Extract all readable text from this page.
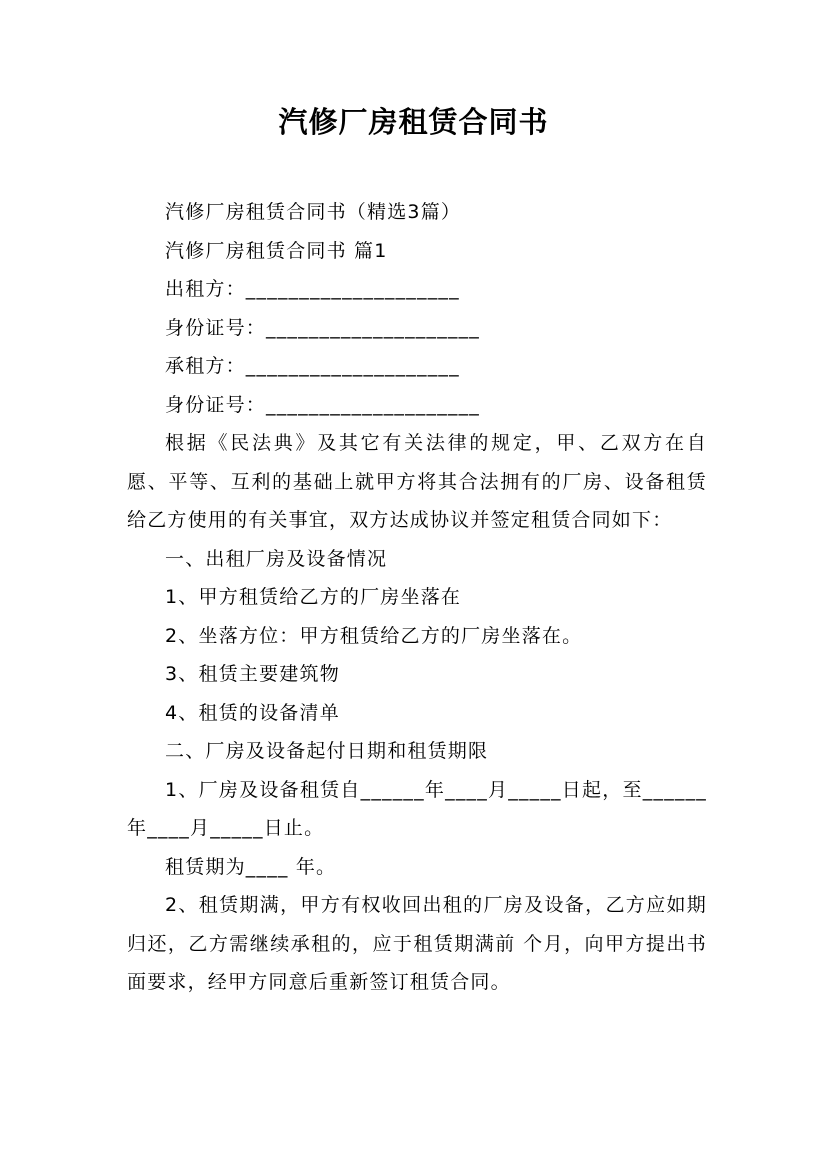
汽修厂房租赁合同书

汽修厂房租赁合同书（精选3篇）

汽修厂房租赁合同书 篇1

出租方：____________________

身份证号：____________________

承租方：____________________

身份证号：____________________

根据《民法典》及其它有关法律的规定，甲、乙双方在自愿、平等、互利的基础上就甲方将其合法拥有的厂房、设备租赁给乙方使用的有关事宜，双方达成协议并签定租赁合同如下：

一、出租厂房及设备情况

1、甲方租赁给乙方的厂房坐落在

2、坐落方位：甲方租赁给乙方的厂房坐落在。

3、租赁主要建筑物

4、租赁的设备清单

二、厂房及设备起付日期和租赁期限

1、厂房及设备租赁自______年____月_____日起，至______年____月_____日止。

租赁期为____ 年。

2、租赁期满，甲方有权收回出租的厂房及设备，乙方应如期归还，乙方需继续承租的，应于租赁期满前 个月，向甲方提出书面要求，经甲方同意后重新签订租赁合同。
